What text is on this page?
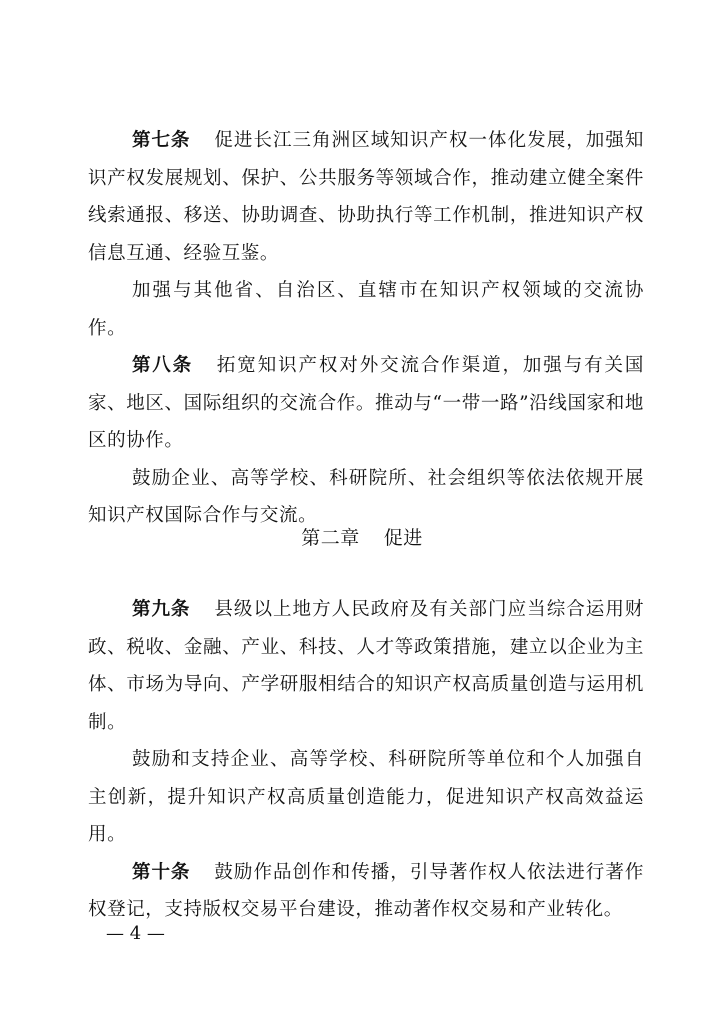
第七条 促进长江三角洲区域知识产权一体化发展，加强知识产权发展规划、保护、公共服务等领域合作，推动建立健全案件线索通报、移送、协助调查、协助执行等工作机制，推进知识产权信息互通、经验互鉴。

加强与其他省、自治区、直辖市在知识产权领域的交流协作。

第八条 拓宽知识产权对外交流合作渠道，加强与有关国家、地区、国际组织的交流合作。推动与“一带一路”沿线国家和地区的协作。

鼓励企业、高等学校、科研院所、社会组织等依法依规开展知识产权国际合作与交流。

第二章 促进

第九条 县级以上地方人民政府及有关部门应当综合运用财政、税收、金融、产业、科技、人才等政策措施，建立以企业为主体、市场为导向、产学研服相结合的知识产权高质量创造与运用机制。

鼓励和支持企业、高等学校、科研院所等单位和个人加强自主创新，提升知识产权高质量创造能力，促进知识产权高效益运用。

第十条 鼓励作品创作和传播，引导著作权人依法进行著作权登记，支持版权交易平台建设，推动著作权交易和产业转化。

— 4 —
